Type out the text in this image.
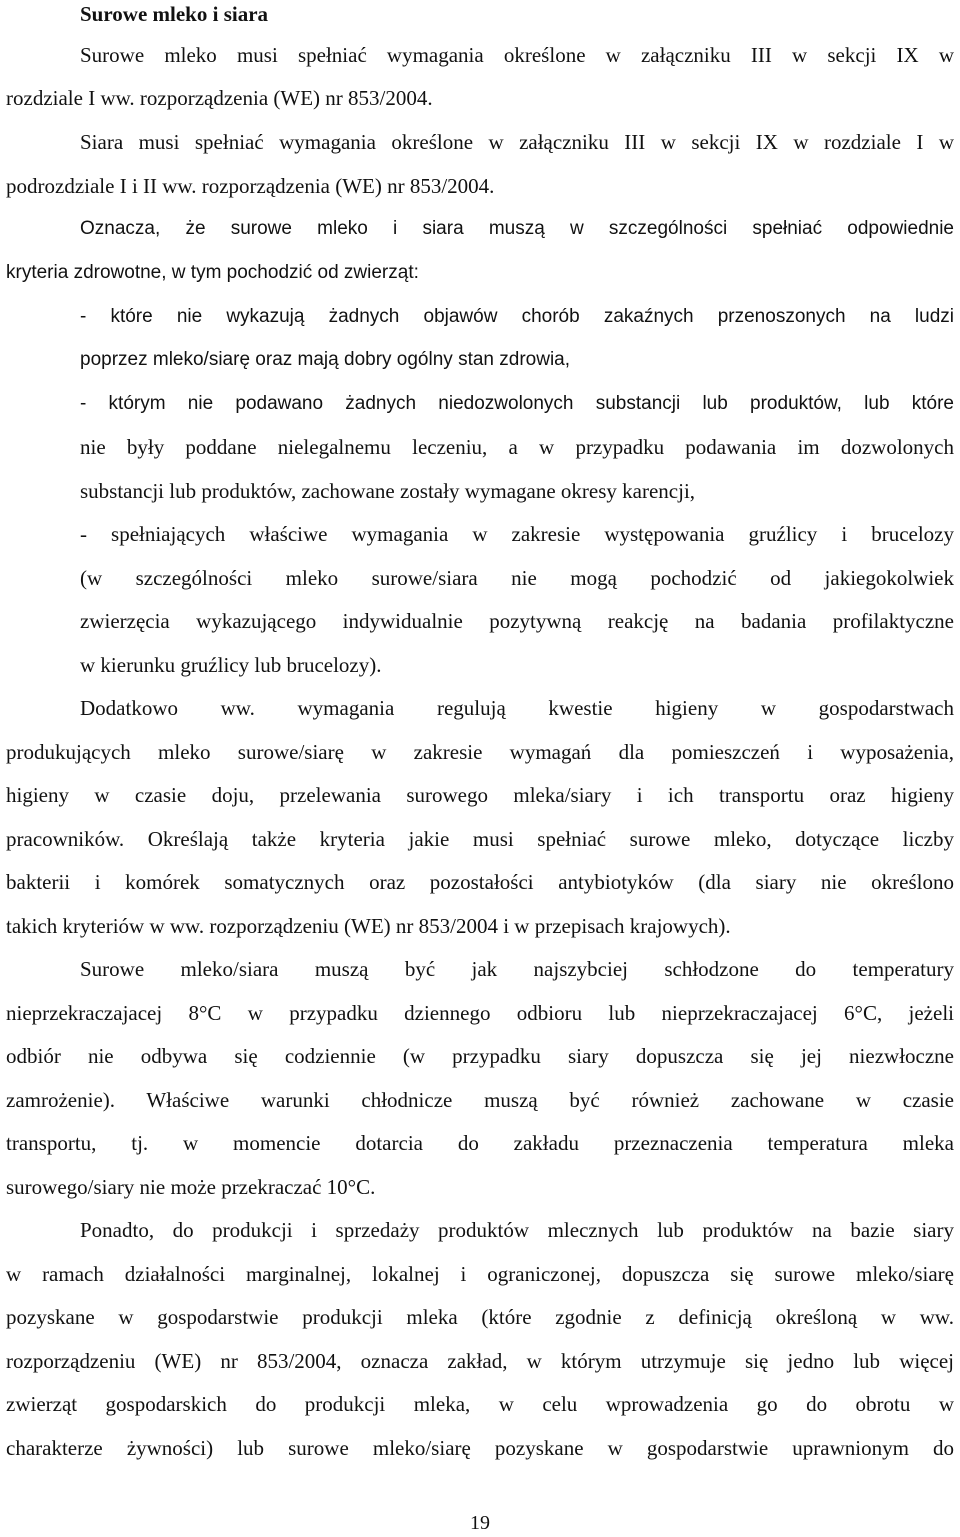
Surowe mleko i siara
Surowe mleko musi spełniać wymagania określone w załączniku III w sekcji IX w
rozdziale I ww. rozporządzenia (WE) nr 853/2004.
Siara musi spełniać wymagania określone w załączniku III w sekcji IX w rozdziale I w
podrozdziale I i II ww. rozporządzenia (WE) nr 853/2004.
Oznacza, że surowe mleko i siara muszą w szczególności spełniać odpowiednie
kryteria zdrowotne, w tym pochodzić od zwierząt:
- które nie wykazują żadnych objawów chorób zakaźnych przenoszonych na ludzi
poprzez mleko/siarę oraz mają dobry ogólny stan zdrowia,
- którym nie podawano żadnych niedozwolonych substancji lub produktów, lub które
nie były poddane nielegalnemu leczeniu, a w przypadku podawania im dozwolonych
substancji lub produktów, zachowane zostały wymagane okresy karencji,
- spełniających właściwe wymagania w zakresie występowania gruźlicy i brucelozy
(w szczególności mleko surowe/siara nie mogą pochodzić od jakiegokolwiek
zwierzęcia wykazującego indywidualnie pozytywną reakcję na badania profilaktyczne
w kierunku gruźlicy lub brucelozy).
Dodatkowo ww. wymagania regulują kwestie higieny w gospodarstwach
produkujących mleko surowe/siarę w zakresie wymagań dla pomieszczeń i wyposażenia,
higieny w czasie doju, przelewania surowego mleka/siary i ich transportu oraz higieny
pracowników. Określają także kryteria jakie musi spełniać surowe mleko, dotyczące liczby
bakterii i komórek somatycznych oraz pozostałości antybiotyków (dla siary nie określono
takich kryteriów w ww. rozporządzeniu (WE) nr 853/2004 i w przepisach krajowych).
Surowe mleko/siara muszą być jak najszybciej schłodzone do temperatury
nieprzekraczajacej 8°C w przypadku dziennego odbioru lub nieprzekraczajacej 6°C, jeżeli
odbiór nie odbywa się codziennie (w przypadku siary dopuszcza się jej niezwłoczne
zamrożenie). Właściwe warunki chłodnicze muszą być również zachowane w czasie
transportu, tj. w momencie dotarcia do zakładu przeznaczenia temperatura mleka
surowego/siary nie może przekraczać 10°C.
Ponadto, do produkcji i sprzedaży produktów mlecznych lub produktów na bazie siary
w ramach działalności marginalnej, lokalnej i ograniczonej, dopuszcza się surowe mleko/siarę
pozyskane w gospodarstwie produkcji mleka (które zgodnie z definicją określoną w ww.
rozporządzeniu (WE) nr 853/2004, oznacza zakład, w którym utrzymuje się jedno lub więcej
zwierząt gospodarskich do produkcji mleka, w celu wprowadzenia go do obrotu w
charakterze żywności) lub surowe mleko/siarę pozyskane w gospodarstwie uprawnionym do
19
